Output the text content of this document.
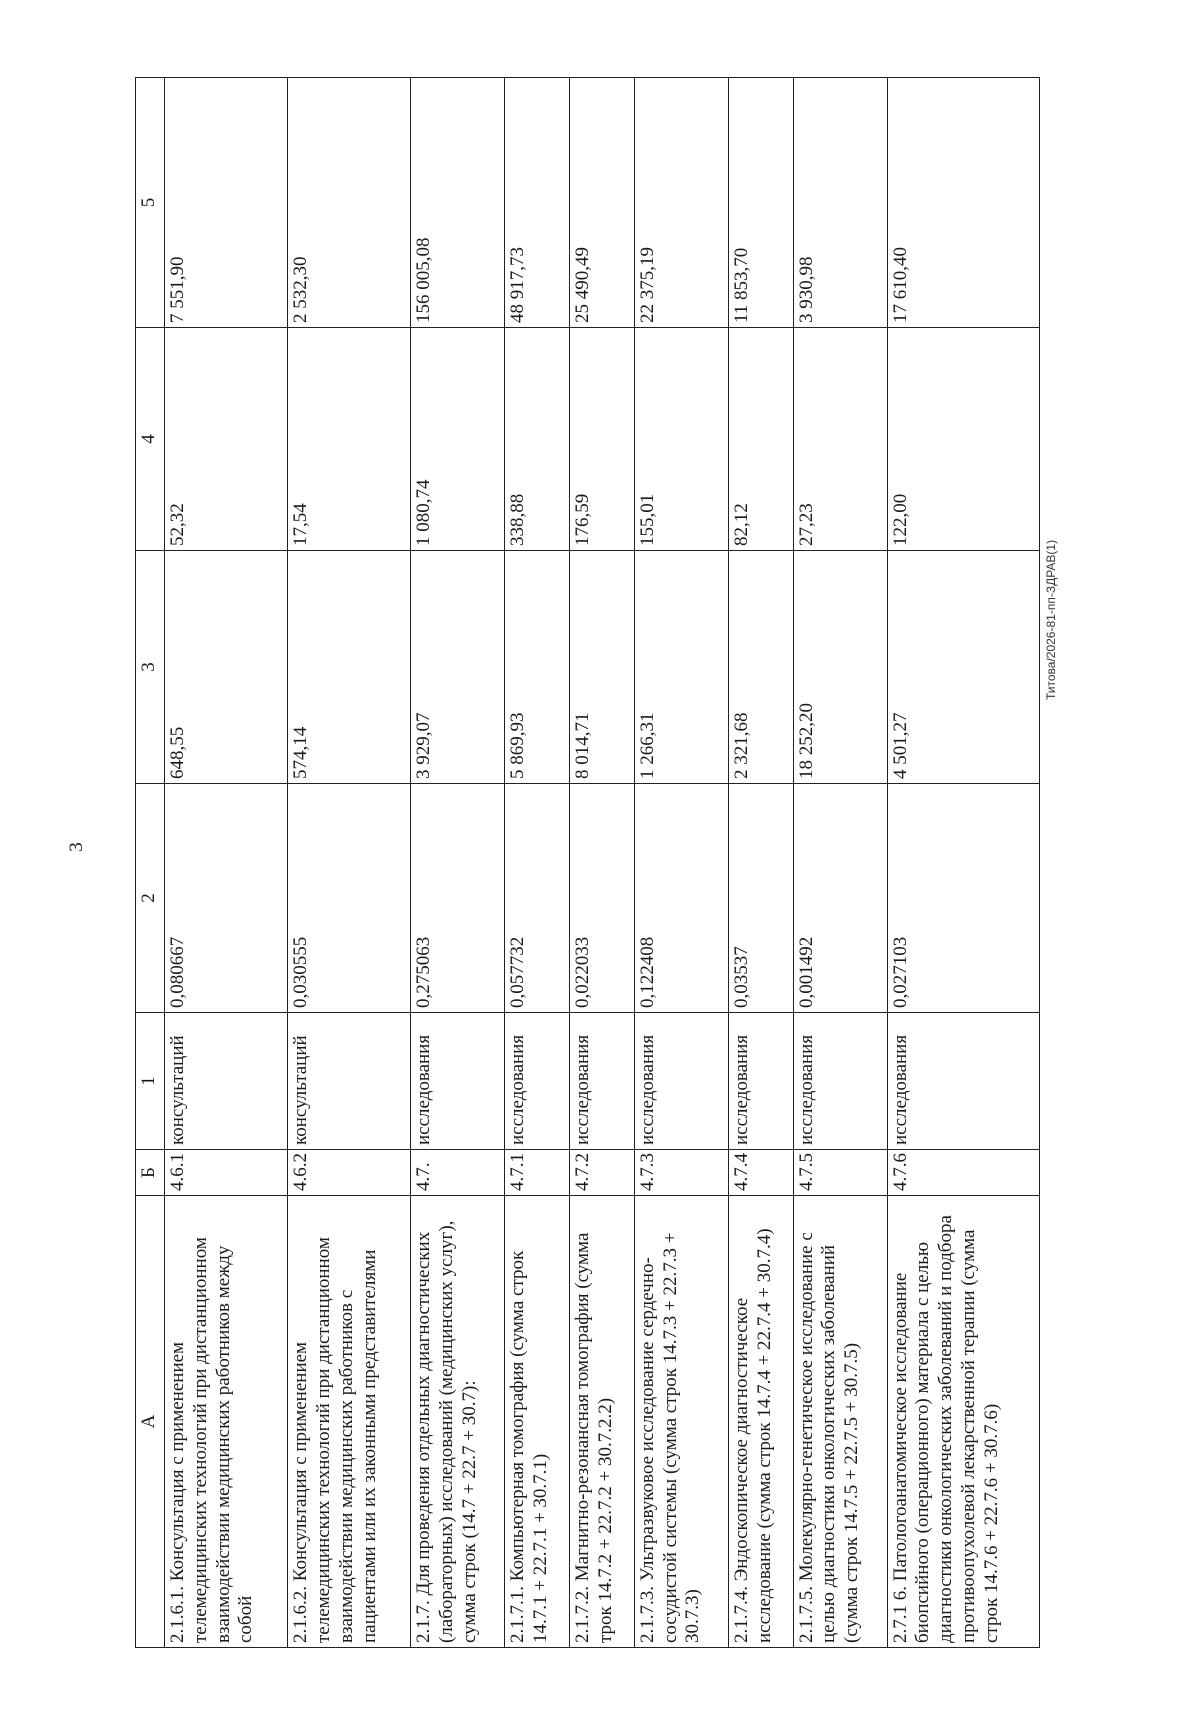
3
Титова/2026-81-пп-ЗДРАВ(1)
А	Б	1	2	3	4	5
2.1.6.1. Консультация с применением телемедицинских технологий при дистанционном взаимодействии медицинских работников между собой	4.6.1	консультаций	0,080667	648,55	52,32	7 551,90
2.1.6.2. Консультация с применением телемедицинских технологий при дистанционном взаимодействии медицинских работников с пациентами или их законными представителями	4.6.2	консультаций	0,030555	574,14	17,54	2 532,30
2.1.7. Для проведения отдельных диагностических (лабораторных) исследований (медицинских услуг), сумма строк (14.7 + 22.7 + 30.7):	4.7.	исследования	0,275063	3 929,07	1 080,74	156 005,08
2.1.7.1. Компьютерная томография (сумма строк 14.7.1 + 22.7.1 + 30.7.1)	4.7.1	исследования	0,057732	5 869,93	338,88	48 917,73
2.1.7.2. Магнитно-резонансная томография (сумма трок 14.7.2 + 22.7.2 + 30.7.2.2)	4.7.2	исследования	0,022033	8 014,71	176,59	25 490,49
2.1.7.3. Ультразвуковое исследование сердечно-сосудистой системы (сумма строк 14.7.3 + 22.7.3 + 30.7.3)	4.7.3	исследования	0,122408	1 266,31	155,01	22 375,19
2.1.7.4. Эндоскопическое диагностическое исследование (сумма строк 14.7.4 + 22.7.4 + 30.7.4)	4.7.4	исследования	0,03537	2 321,68	82,12	11 853,70
2.1.7.5. Молекулярно-генетическое исследование с целью диагностики онкологических заболеваний (сумма строк 14.7.5 + 22.7.5 + 30.7.5)	4.7.5	исследования	0,001492	18 252,20	27,23	3 930,98
2.7.1 6. Патологоанатомическое исследование биопсийного (операционного) материала с целью диагностики онкологических заболеваний и подбора противоопухолевой лекарственной терапии (сумма строк 14.7.6 + 22.7.6 + 30.7.6)	4.7.6	исследования	0,027103	4 501,27	122,00	17 610,40
